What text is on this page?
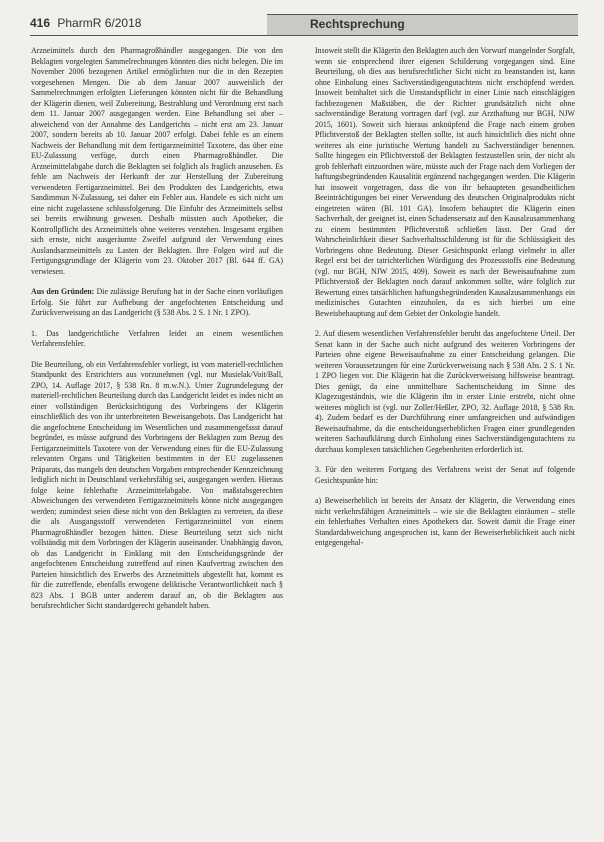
416 PharmR 6/2018	Rechtsprechung

Arzneimittels durch den Pharmagroßhändler ausgegangen. Die von den Beklagten vorgelegten Sammelrechnungen könnten dies nicht belegen. Die im November 2006 bezogenen Artikel ermöglichten nur die in den Rezepten vorgesehenen Mengen. Die ab dem Januar 2007 ausweislich der Sammelrechnungen erfolgten Lieferungen könnten nicht für die Behandlung der Klägerin dienen, weil Zubereitung, Bestrahlung und Verordnung erst nach dem 11. Januar 2007 ausgegangen werden. Eine Behandlung sei aber – abweichend von der Annahme des Landgerichts – nicht erst am 23. Januar 2007, sondern bereits ab 10. Januar 2007 erfolgt. Dabei fehle es an einem Nachweis der Behandlung mit dem fertigarzneimittel Taxotere, das über eine EU-Zulassung verfüge, durch einen Pharmagroßhändler. Die Arzneimittelabgabe durch die Beklagten sei folglich als fraglich anzusehen. Es fehle am Nachweis der Herkunft der zur Herstellung der Zubereitung verwendeten Fertigarzneimittel. Bei den Produkten des Landgerichts, etwa Sandimmun N-Zulassung, sei daher ein Fehler aus. Handele es sich nicht um eine nicht zugelassene schlussfolgerung. Die Einfuhr des Arzneimittels selbst sei bereits erwähnung gewesen. Deshalb müssten auch Apotheker, die Kontrollpflicht des Arzneimittels ohne weiteres verstehen. Insgesamt ergäben sich ernste, nicht ausgeräumte Zweifel aufgrund der Verwendung eines Auslandsarzneimittels zu Lasten der Beklagten. Ihre Folgen wird auf die Fertigungsgrundlage der Klägerin vom 23. Oktober 2017 (Bl. 644 ff. GA) verwiesen.

Aus den Gründen: Die zulässige Berufung hat in der Sache einen vorläufigen Erfolg. Sie führt zur Aufhebung der angefochtenen Entscheidung und Zurückverweisung an das Landgericht (§ 538 Abs. 2 S. 1 Nr. 1 ZPO).

1. Das landgerichtliche Verfahren leidet an einem wesentlichen Verfahrensfehler.

Die Beurteilung, ob ein Verfahrensfehler vorliegt, ist vom materiell-rechtlichen Standpunkt des Erstrichters aus vorzunehmen (vgl. nur Musielak/Voit/Ball, ZPO, 14. Auflage 2017, § 538 Rn. 8 m.w.N.). Unter Zugrundelegung der materiell-rechtlichen Beurteilung durch das Landgericht leidet es indes nicht an einer vollständigen Berücksichtigung des Vorbringens der Klägerin einschließlich des von ihr unterbreiteten Beweisangebots. Das Landgericht hat die angefochtene Entscheidung im Wesentlichen und zusammengefasst darauf begründet, es müsse aufgrund des Vorbringens der Beklagten zum Bezug des Fertigarzneimittels Taxotere von der Verwendung eines für die EU-Zulassung relevanten Organs und Tätigkeiten bestimmten in der EU zugelassenen Präparats, das mangels den deutschen Vorgaben entsprechender Kennzeichnung lediglich nicht in Deutschland verkehrsfähig sei, ausgegangen werden. Hieraus folge keine fehlerhafte Arzneimittelabgabe. Von maßstabsgerechten Abweichungen des verwendeten Fertigarzneimittels könne nicht ausgegangen werden; zumindest seien diese nicht von den Beklagten zu vertreten, da diese die als Ausgangsstoff verwendeten Fertigarzneimittel von einem Pharmagroßhändler bezogen hätten. Diese Beurteilung setzt sich nicht vollständig mit dem Vorbringen der Klägerin auseinander. Unabhängig davon, ob das Landgericht in Einklang mit den Entscheidungsgründe der angefochtenen Entscheidung zutreffend auf einen Kaufvertrag zwischen den Parteien hinsichtlich des Erwerbs des Arzneimittels abgestellt hat, kommt es für die zutreffende, ebenfalls erwogene deliktische Verantwortlichkeit nach § 823 Abs. 1 BGB unter anderem darauf an, ob die Beklagten aus berufsrechtlicher Sicht standardgerecht gehandelt haben.

Insoweit stellt die Klägerin den Beklagten auch den Vorwurf mangelnder Sorgfalt, wenn sie entsprechend ihrer eigenen Schilderung vorgegangen sind. Eine Beurteilung, ob dies aus berufsrechtlicher Sicht nicht zu beanstanden ist, kann ohne Einholung eines Sachverständigengutachtens nicht erschöpfend werden. Insoweit beinhaltet sich die Umstandspflicht in einer Linie nach einschlägigen fachbezogenen Maßstäben, die der Richter grundsätzlich nicht ohne sachverständige Beratung vortragen darf (vgl. zur Arzthaftung nur BGH, NJW 2015, 1601). Soweit sich hieraus anknüpfend die Frage nach einem groben Pflichtverstoß der Beklagten stellen sollte, ist auch hinsichtlich dies nicht ohne weiteres als eine juristische Wertung handelt zu Sachverständiger benennen. Sollte hingegen ein Pflichtverstoß der Beklagten festzustellen sein, der nicht als grob fehlerhaft einzuordnen wäre, müsste auch der Frage nach dem Vorliegen der haftungsbegründenden Kausalität ergänzend nachgegangen werden. Die Klägerin hat insoweit vorgetragen, dass die von ihr behaupteten gesundheitlichen Beeinträchtigungen bei einer Verwendung des deutschen Originalprodukts nicht eingetreten wären (Bl. 101 GA). Insofern behauptet die Klägerin einen Sachverhalt, der geeignet ist, einen Schadensersatz auf den Kausalzusammenhang zu einem bestimmten Pflichtverstoß schließen lässt. Der Grad der Wahrscheinlichkeit dieser Sachverhaltsschilderung ist für die Schlüssigkeit des Vorbringens ohne Bedeutung. Dieser Gesichtspunkt erlangt vielmehr in aller Regel erst bei der tatrichterlichen Würdigung des Prozessstoffs eine Bedeutung (vgl. nur BGH, NJW 2015, 409). Soweit es nach der Beweisaufnahme zum Pflichtverstoß der Beklagten noch darauf ankommen sollte, wäre folglich zur Bewertung eines tatsächlichen haftungsbegründenden Kausalzusammenhangs ein medizinisches Gutachten einzuholen, da es sich hierbei um eine Beweisbehauptung auf dem Gebiet der Onkologie handelt.

2. Auf diesem wesentlichen Verfahrensfehler beruht das angefochtene Urteil. Der Senat kann in der Sache auch nicht aufgrund des weiteren Vorbringens der Parteien ohne eigene Beweisaufnahme zu einer Entscheidung gelangen. Die weiteren Voraussetzungen für eine Zurückverweisung nach § 538 Abs. 2 S. 1 Nr. 1 ZPO liegen vor. Die Klägerin hat die Zurückverweisung hilfsweise beantragt. Dies genügt, da eine unmittelbare Sachentscheidung im Sinne des Klagezugeständnis, wie die Klägerin ihn in erster Linie erstrebt, nicht ohne weiteres möglich ist (vgl. nur Zoller/Heßler, ZPO, 32. Auflage 2018, § 538 Rn. 4). Zudem bedarf es der Durchführung einer umfangreichen und aufwändigen Beweisaufnahme, da die entscheidungserheblichen Fragen einer grundlegenden weiteren Sachaufklärung durch Einholung eines Sachverständigengutachtens zu durchaus komplexen tatsächlichen Gegebenheiten erforderlich ist.

3. Für den weiteren Fortgang des Verfahrens weist der Senat auf folgende Gesichtspunkte hin:

a) Beweiserheblich ist bereits der Ansatz der Klägerin, die Verwendung eines nicht verkehrsfähigen Arzneimittels – wie sie die Beklagten einräumen – stelle ein fehlerhaftes Verhalten eines Apothekers dar. Soweit damit die Frage einer Standardabweichung angesprochen ist, kann der Beweiserheblichkeit auch nicht entgegengehal-
